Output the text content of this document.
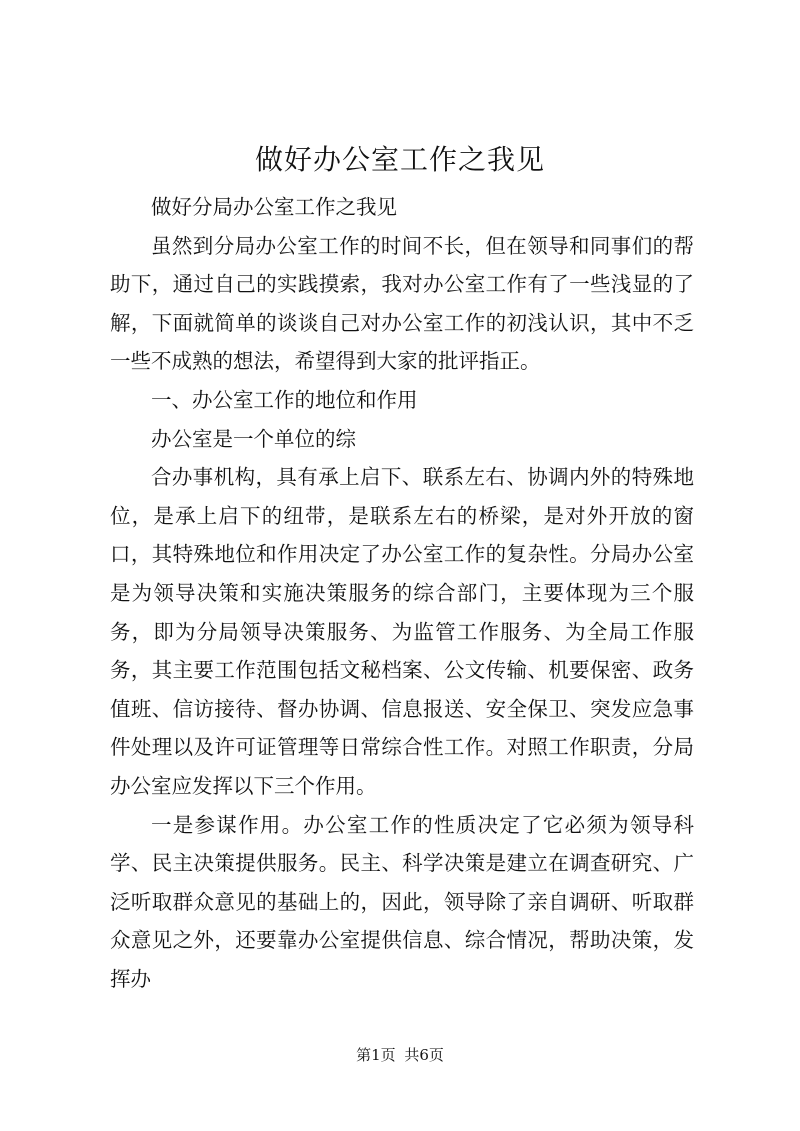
做好办公室工作之我见

做好分局办公室工作之我见

虽然到分局办公室工作的时间不长，但在领导和同事们的帮助下，通过自己的实践摸索，我对办公室工作有了一些浅显的了解，下面就简单的谈谈自己对办公室工作的初浅认识，其中不乏一些不成熟的想法，希望得到大家的批评指正。

一、办公室工作的地位和作用

办公室是一个单位的综

合办事机构，具有承上启下、联系左右、协调内外的特殊地位，是承上启下的纽带，是联系左右的桥梁，是对外开放的窗口，其特殊地位和作用决定了办公室工作的复杂性。分局办公室是为领导决策和实施决策服务的综合部门，主要体现为三个服务，即为分局领导决策服务、为监管工作服务、为全局工作服务，其主要工作范围包括文秘档案、公文传输、机要保密、政务值班、信访接待、督办协调、信息报送、安全保卫、突发应急事件处理以及许可证管理等日常综合性工作。对照工作职责，分局办公室应发挥以下三个作用。

一是参谋作用。办公室工作的性质决定了它必须为领导科学、民主决策提供服务。民主、科学决策是建立在调查研究、广泛听取群众意见的基础上的，因此，领导除了亲自调研、听取群众意见之外，还要靠办公室提供信息、综合情况，帮助决策，发挥办

第1页 共6页
